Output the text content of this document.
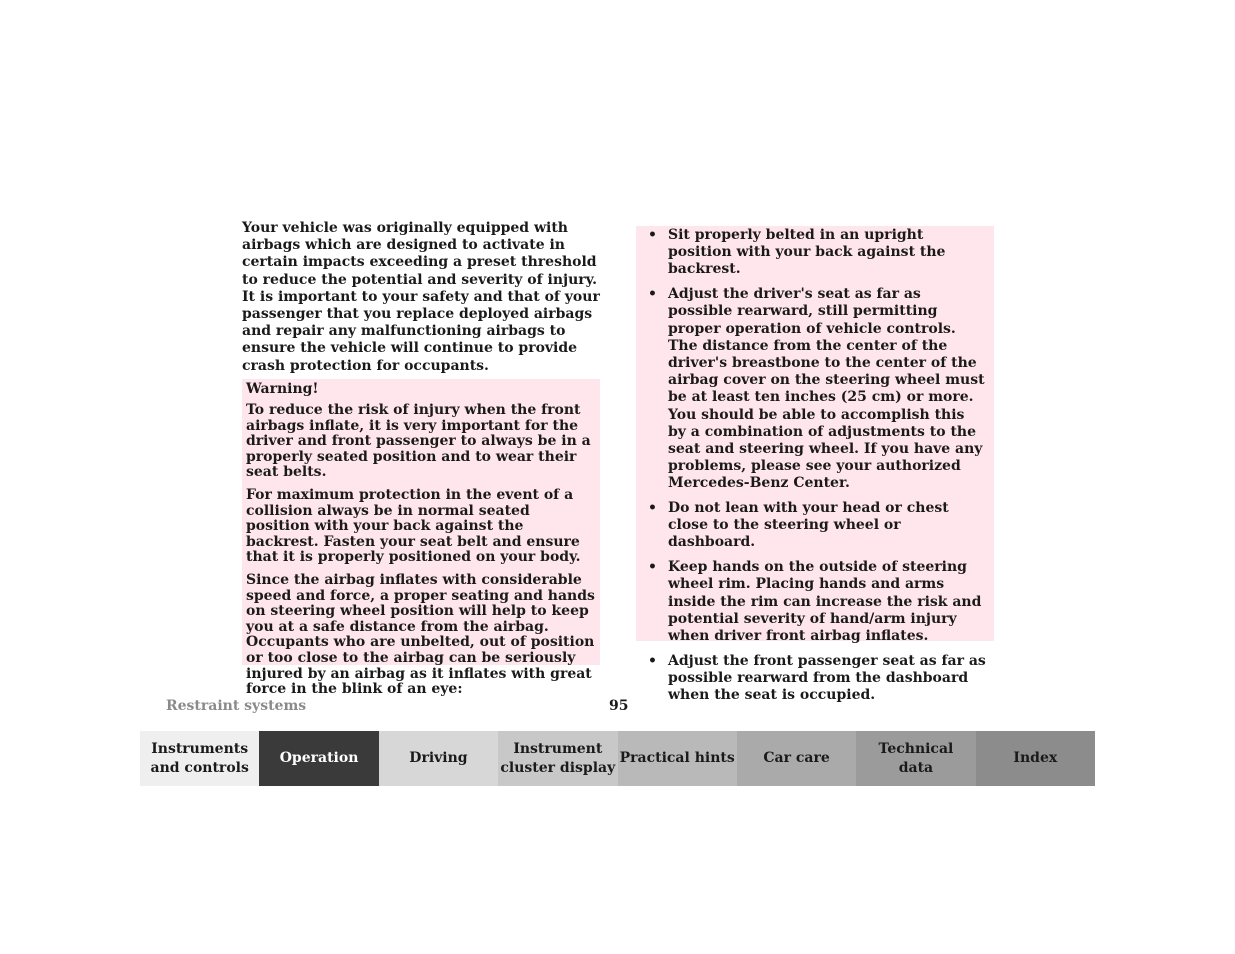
Your vehicle was originally equipped with airbags which are designed to activate in certain impacts exceeding a preset threshold to reduce the potential and severity of injury. It is important to your safety and that of your passenger that you replace deployed airbags and repair any malfunctioning airbags to ensure the vehicle will continue to provide crash protection for occupants.

Warning!

To reduce the risk of injury when the front airbags inflate, it is very important for the driver and front passenger to always be in a properly seated position and to wear their seat belts.

For maximum protection in the event of a collision always be in normal seated position with your back against the backrest. Fasten your seat belt and ensure that it is properly positioned on your body.

Since the airbag inflates with considerable speed and force, a proper seating and hands on steering wheel position will help to keep you at a safe distance from the airbag. Occupants who are unbelted, out of position or too close to the airbag can be seriously injured by an airbag as it inflates with great force in the blink of an eye:

• Sit properly belted in an upright position with your back against the backrest.
• Adjust the driver's seat as far as possible rearward, still permitting proper operation of vehicle controls. The distance from the center of the driver's breastbone to the center of the airbag cover on the steering wheel must be at least ten inches (25 cm) or more. You should be able to accomplish this by a combination of adjustments to the seat and steering wheel. If you have any problems, please see your authorized Mercedes-Benz Center.
• Do not lean with your head or chest close to the steering wheel or dashboard.
• Keep hands on the outside of steering wheel rim. Placing hands and arms inside the rim can increase the risk and potential severity of hand/arm injury when driver front airbag inflates.
• Adjust the front passenger seat as far as possible rearward from the dashboard when the seat is occupied.

Restraint systems	95

Instruments
and controls
Operation	Driving
Instrument
cluster display
Practical hints Car care
Technical
data
Index
